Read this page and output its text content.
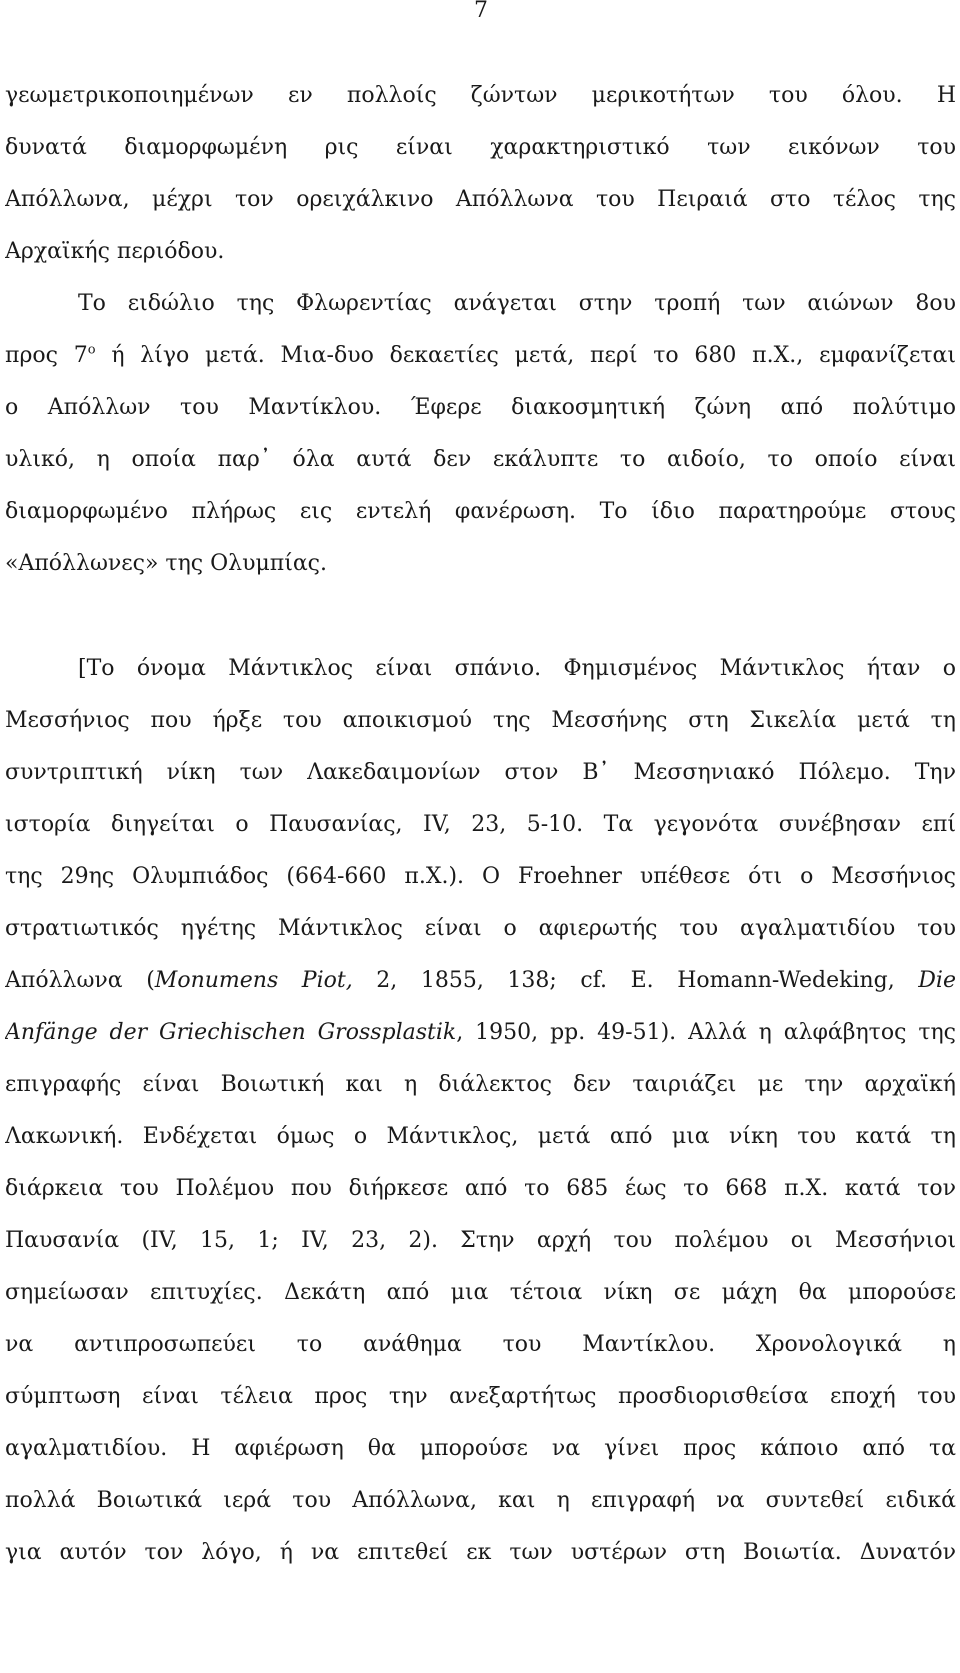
7
γεωμετρικοποιημένων εν πολλοίς ζώντων μερικοτήτων του όλου. Η
δυνατά διαμορφωμένη ρις είναι χαρακτηριστικό των εικόνων του
Απόλλωνα, μέχρι τον ορειχάλκινο Απόλλωνα του Πειραιά στο τέλος της
Αρχαϊκής περιόδου.
Το ειδώλιο της Φλωρεντίας ανάγεται στην τροπή των αιώνων 8ου
προς $7^o$ ή λίγο μετά. Μια-δυο δεκαετίες μετά, περί το 680 π.Χ., εμφανίζεται
ο Απόλλων του Μαντίκλου. Έφερε διακοσμητική ζώνη από πολύτιμο
υλικό, η οποία παρ᾽ όλα αυτά δεν εκάλυπτε το αιδοίο, το οποίο είναι
διαμορφωμένο πλήρως εις εντελή φανέρωση. Το ίδιο παρατηρούμε στους
«Απόλλωνες» της Ολυμπίας.
[Το όνομα Μάντικλος είναι σπάνιο. Φημισμένος Μάντικλος ήταν ο
Μεσσήνιος που ήρξε του αποικισμού της Μεσσήνης στη Σικελία μετά τη
συντριπτική νίκη των Λακεδαιμονίων στον Β᾽ Μεσσηνιακό Πόλεμο. Την
ιστορία διηγείται ο Παυσανίας, IV, 23, 5-10. Τα γεγονότα συνέβησαν επί
της 29ης Ολυμπιάδος (664-660 π.Χ.). Ο Froehner υπέθεσε ότι ο Μεσσήνιος
στρατιωτικός ηγέτης Μάντικλος είναι ο αφιερωτής του αγαλματιδίου του
Απόλλωνα (Monumens Piot, 2, 1855, 138; cf. E. Homann-Wedeking, Die
Anfänge der Griechischen Grossplastik, 1950, pp. 49-51). Αλλά η αλφάβητος της
επιγραφής είναι Βοιωτική και η διάλεκτος δεν ταιριάζει με την αρχαϊκή
Λακωνική. Ενδέχεται όμως ο Μάντικλος, μετά από μια νίκη του κατά τη
διάρκεια του Πολέμου που διήρκεσε από το 685 έως το 668 π.Χ. κατά τον
Παυσανία (IV, 15, 1; IV, 23, 2). Στην αρχή του πολέμου οι Μεσσήνιοι
σημείωσαν επιτυχίες. Δεκάτη από μια τέτοια νίκη σε μάχη θα μπορούσε
να αντιπροσωπεύει το ανάθημα του Μαντίκλου. Χρονολογικά η
σύμπτωση είναι τέλεια προς την ανεξαρτήτως προσδιορισθείσα εποχή του
αγαλματιδίου. Η αφιέρωση θα μπορούσε να γίνει προς κάποιο από τα
πολλά Βοιωτικά ιερά του Απόλλωνα, και η επιγραφή να συντεθεί ειδικά
για αυτόν τον λόγο, ή να επιτεθεί εκ των υστέρων στη Βοιωτία. Δυνατόν
